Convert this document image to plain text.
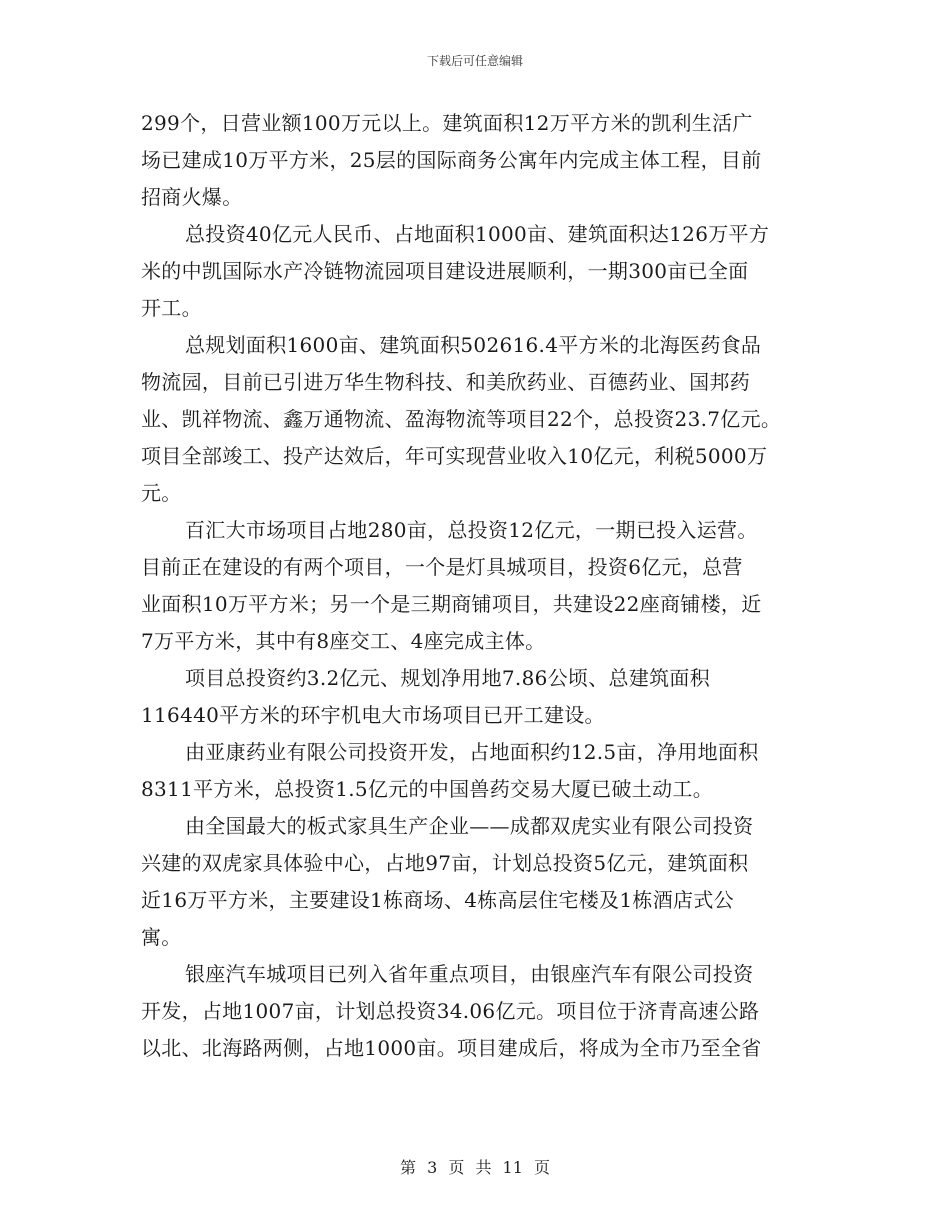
下载后可任意编辑

299个，日营业额100万元以上。建筑面积12万平方米的凯利生活广
场已建成10万平方米，25层的国际商务公寓年内完成主体工程，目前
招商火爆。

总投资40亿元人民币、占地面积1000亩、建筑面积达126万平方
米的中凯国际水产冷链物流园项目建设进展顺利，一期300亩已全面
开工。

总规划面积1600亩、建筑面积502616.4平方米的北海医药食品
物流园，目前已引进万华生物科技、和美欣药业、百德药业、国邦药
业、凯祥物流、鑫万通物流、盈海物流等项目22个，总投资23.7亿元。
项目全部竣工、投产达效后，年可实现营业收入10亿元，利税5000万
元。

百汇大市场项目占地280亩，总投资12亿元，一期已投入运营。
目前正在建设的有两个项目，一个是灯具城项目，投资6亿元，总营
业面积10万平方米；另一个是三期商铺项目，共建设22座商铺楼，近
7万平方米，其中有8座交工、4座完成主体。

项目总投资约3.2亿元、规划净用地7.86公顷、总建筑面积
116440平方米的环宇机电大市场项目已开工建设。

由亚康药业有限公司投资开发，占地面积约12.5亩，净用地面积
8311平方米，总投资1.5亿元的中国兽药交易大厦已破土动工。

由全国最大的板式家具生产企业——成都双虎实业有限公司投资
兴建的双虎家具体验中心，占地97亩，计划总投资5亿元，建筑面积
近16万平方米，主要建设1栋商场、4栋高层住宅楼及1栋酒店式公
寓。

银座汽车城项目已列入省年重点项目，由银座汽车有限公司投资
开发，占地1007亩，计划总投资34.06亿元。项目位于济青高速公路
以北、北海路两侧，占地1000亩。项目建成后，将成为全市乃至全省

第 3 页 共 11 页
